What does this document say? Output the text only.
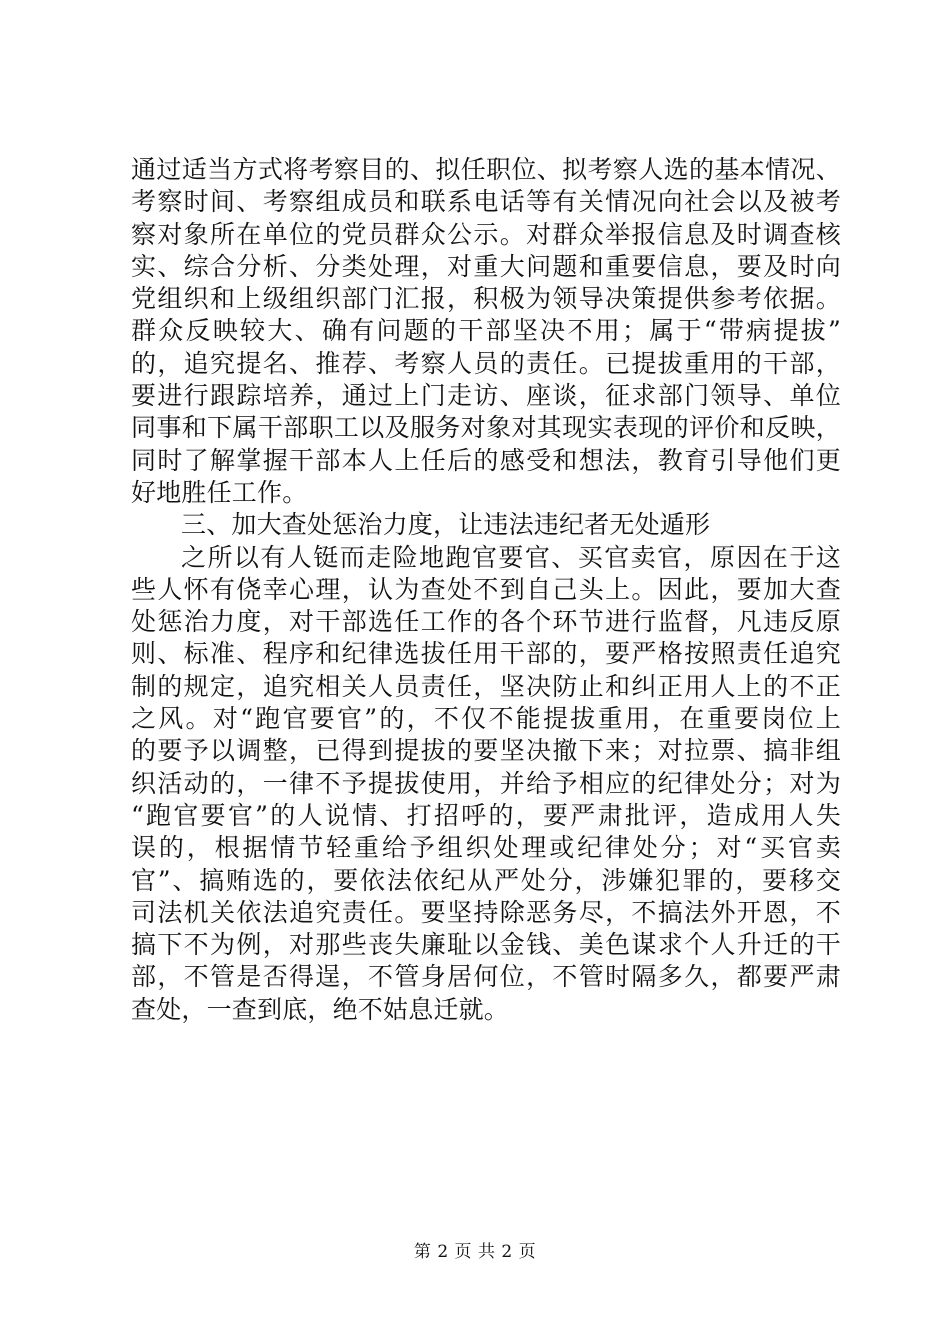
通过适当方式将考察目的、拟任职位、拟考察人选的基本情况、
考察时间、考察组成员和联系电话等有关情况向社会以及被考
察对象所在单位的党员群众公示。对群众举报信息及时调查核
实、综合分析、分类处理，对重大问题和重要信息，要及时向
党组织和上级组织部门汇报，积极为领导决策提供参考依据。
群众反映较大、确有问题的干部坚决不用；属于“带病提拔”
的，追究提名、推荐、考察人员的责任。已提拔重用的干部，
要进行跟踪培养，通过上门走访、座谈，征求部门领导、单位
同事和下属干部职工以及服务对象对其现实表现的评价和反映，
同时了解掌握干部本人上任后的感受和想法，教育引导他们更
好地胜任工作。
三、加大查处惩治力度，让违法违纪者无处遁形
之所以有人铤而走险地跑官要官、买官卖官，原因在于这
些人怀有侥幸心理，认为查处不到自己头上。因此，要加大查
处惩治力度，对干部选任工作的各个环节进行监督，凡违反原
则、标准、程序和纪律选拔任用干部的，要严格按照责任追究
制的规定，追究相关人员责任，坚决防止和纠正用人上的不正
之风。对“跑官要官”的，不仅不能提拔重用，在重要岗位上
的要予以调整，已得到提拔的要坚决撤下来；对拉票、搞非组
织活动的，一律不予提拔使用，并给予相应的纪律处分；对为
“跑官要官”的人说情、打招呼的，要严肃批评，造成用人失
误的，根据情节轻重给予组织处理或纪律处分；对“买官卖
官”、搞贿选的，要依法依纪从严处分，涉嫌犯罪的，要移交
司法机关依法追究责任。要坚持除恶务尽，不搞法外开恩，不
搞下不为例，对那些丧失廉耻以金钱、美色谋求个人升迁的干
部，不管是否得逞，不管身居何位，不管时隔多久，都要严肃
查处，一查到底，绝不姑息迁就。
第 2 页 共 2 页
